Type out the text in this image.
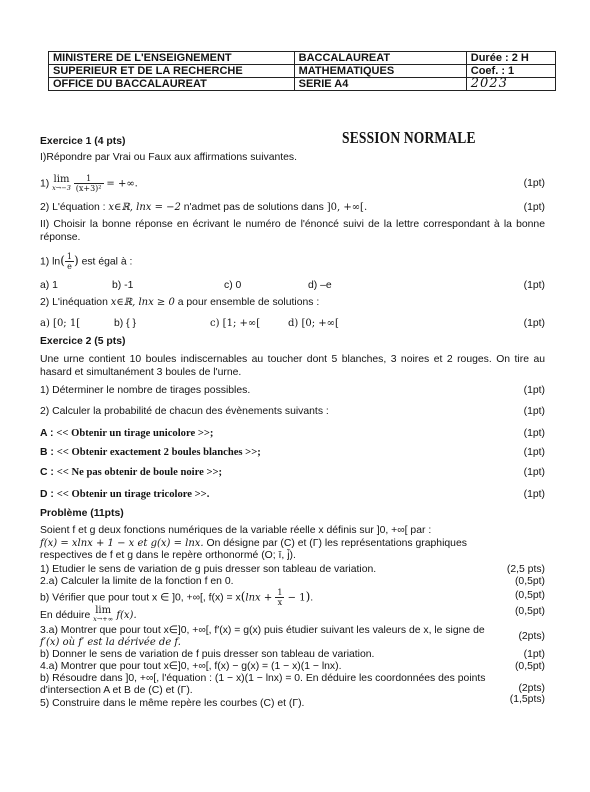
MINISTERE DE L'ENSEIGNEMENT	BACCALAUREAT	Durée : 2 H
SUPERIEUR ET DE LA RECHERCHE	MATHEMATIQUES	Coef. : 1
OFFICE DU BACCALAUREAT	SERIE A4	2023
SESSION NORMALE
Exercice 1 (4 pts)
I)Répondre par Vrai ou Faux aux affirmations suivantes.
1) lim
x→−3
$\frac{1}{\text{(x+3)²}}$ = +∞.	(1pt)
2) L'équation : x∈ℝ, lnx = −2 n'admet pas de solutions dans ]0, +∞[.	(1pt)
II) Choisir la bonne réponse en écrivant le numéro de l'énoncé suivi de la lettre correspondant à la bonne réponse.
1) $\ln( \frac{1}{e}$ ) est égal à :
a) 1	b) -1	c) 0	d) –e	(1pt)
2) L'inéquation x∈ℝ, lnx ≥ 0 a pour ensemble de solutions :
a) [0; 1[	b) { }	c) [1; +∞[	d) [0; +∞[	(1pt)
Exercice 2 (5 pts)
Une urne contient 10 boules indiscernables au toucher dont 5 blanches, 3 noires et 2 rouges. On tire au hasard et simultanément 3 boules de l'urne.
1) Déterminer le nombre de tirages possibles.	(1pt)
2) Calculer la probabilité de chacun des évènements suivants :	(1pt)
A : << Obtenir un tirage unicolore >>;	(1pt)
B : << Obtenir exactement 2 boules blanches >>;	(1pt)
C : << Ne pas obtenir de boule noire >>;	(1pt)
D : << Obtenir un tirage tricolore >>.	(1pt)
Problème (11pts)
Soient f et g deux fonctions numériques de la variable réelle x définis sur ]0, +∞[ par :
f(x) = xlnx + 1 − x et g(x) = lnx. On désigne par (C) et (Γ) les représentations graphiques
respectives de f et g dans le repère orthonormé (O; ī, j̄).
1) Etudier le sens de variation de g puis dresser son tableau de variation.	(2,5 pts)
2.a) Calculer la limite de la fonction f en 0.	(0,5pt)
b) Vérifier que pour tout x ∈ ]0, +∞[, $f(x) = x(\ln x + \frac{1}{x} - 1)$.	(0,5pt)
En déduire lim
x→+∞ f(x).	(0,5pt)
3.a) Montrer que pour tout x∈]0, +∞[, f′(x) = g(x) puis étudier suivant les valeurs de x, le signe de
f′(x) où f′ est la dérivée de f.
(2pts)
b) Donner le sens de variation de f puis dresser son tableau de variation.	(1pt)
4.a) Montrer que pour tout x∈]0, +∞[, f(x) − g(x) = (1 − x)(1 − lnx).	(0,5pt)
b) Résoudre dans ]0, +∞[, l'équation : (1 − x)(1 − lnx) = 0. En déduire les coordonnées des points
d'intersection A et B de (C) et (Γ).	(2pts)
5) Construire dans le même repère les courbes (C) et (Γ).	(1,5pts)
